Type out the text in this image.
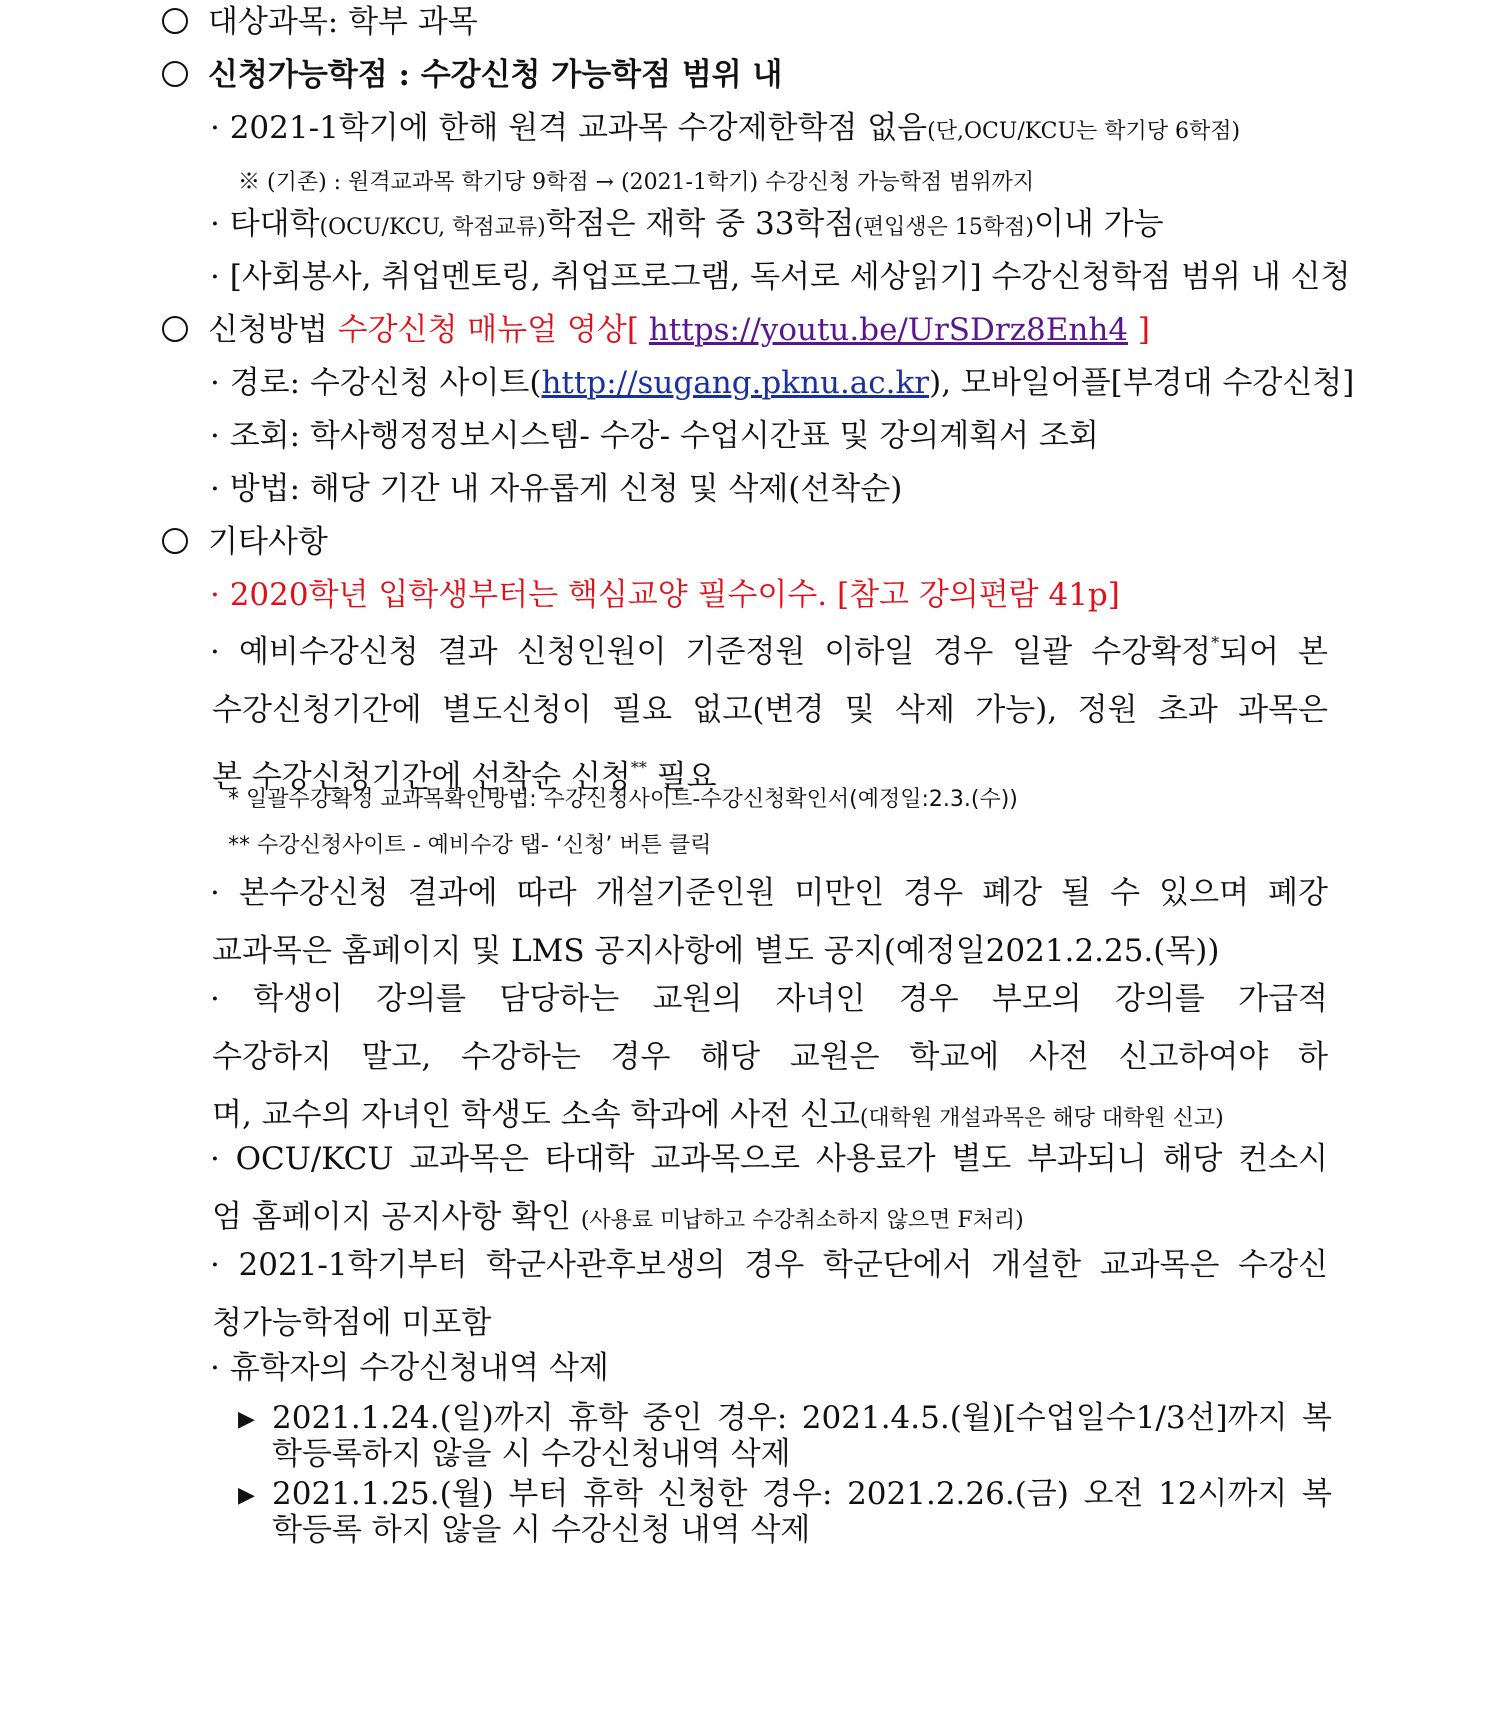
대상과목: 학부 과목
신청가능학점 : 수강신청 가능학점 범위 내
· 2021-1학기에 한해 원격 교과목 수강제한학점 없음(단,OCU/KCU는 학기당 6학점)
※ (기존) : 원격교과목 학기당 9학점 → (2021-1학기) 수강신청 가능학점 범위까지
· 타대학(OCU/KCU, 학점교류)학점은 재학 중 33학점(편입생은 15학점)이내 가능
· [사회봉사, 취업멘토링, 취업프로그램, 독서로 세상읽기] 수강신청학점 범위 내 신청
신청방법 수강신청 매뉴얼 영상[ https://youtu.be/UrSDrz8Enh4 ]
· 경로: 수강신청 사이트(http://sugang.pknu.ac.kr), 모바일어플[부경대 수강신청]
· 조회: 학사행정정보시스템- 수강- 수업시간표 및 강의계획서 조회
· 방법: 해당 기간 내 자유롭게 신청 및 삭제(선착순)
기타사항
· 2020학년 입학생부터는 핵심교양 필수이수. [참고 강의편람 41p]
· 예비수강신청 결과 신청인원이 기준정원 이하일 경우 일괄 수강확정*되어 본
수강신청기간에 별도신청이 필요 없고(변경 및 삭제 가능), 정원 초과 과목은
본 수강신청기간에 선착순 신청** 필요
* 일괄수강확정 교과목확인방법: 수강신청사이트-수강신청확인서(예정일:2.3.(수))
** 수강신청사이트 - 예비수강 탭- ‘신청’ 버튼 클릭
· 본수강신청 결과에 따라 개설기준인원 미만인 경우 폐강 될 수 있으며 폐강
교과목은 홈페이지 및 LMS 공지사항에 별도 공지(예정일2021.2.25.(목))
· 학생이 강의를 담당하는 교원의 자녀인 경우 부모의 강의를 가급적
수강하지 말고, 수강하는 경우 해당 교원은 학교에 사전 신고하여야 하
며, 교수의 자녀인 학생도 소속 학과에 사전 신고(대학원 개설과목은 해당 대학원 신고)
· OCU/KCU 교과목은 타대학 교과목으로 사용료가 별도 부과되니 해당 컨소시
엄 홈페이지 공지사항 확인 (사용료 미납하고 수강취소하지 않으면 F처리)
· 2021-1학기부터 학군사관후보생의 경우 학군단에서 개설한 교과목은 수강신
청가능학점에 미포함
· 휴학자의 수강신청내역 삭제
▶ 2021.1.24.(일)까지 휴학 중인 경우: 2021.4.5.(월)[수업일수1/3선]까지 복
학등록하지 않을 시 수강신청내역 삭제
▶ 2021.1.25.(월) 부터 휴학 신청한 경우: 2021.2.26.(금) 오전 12시까지 복
학등록 하지 않을 시 수강신청 내역 삭제
